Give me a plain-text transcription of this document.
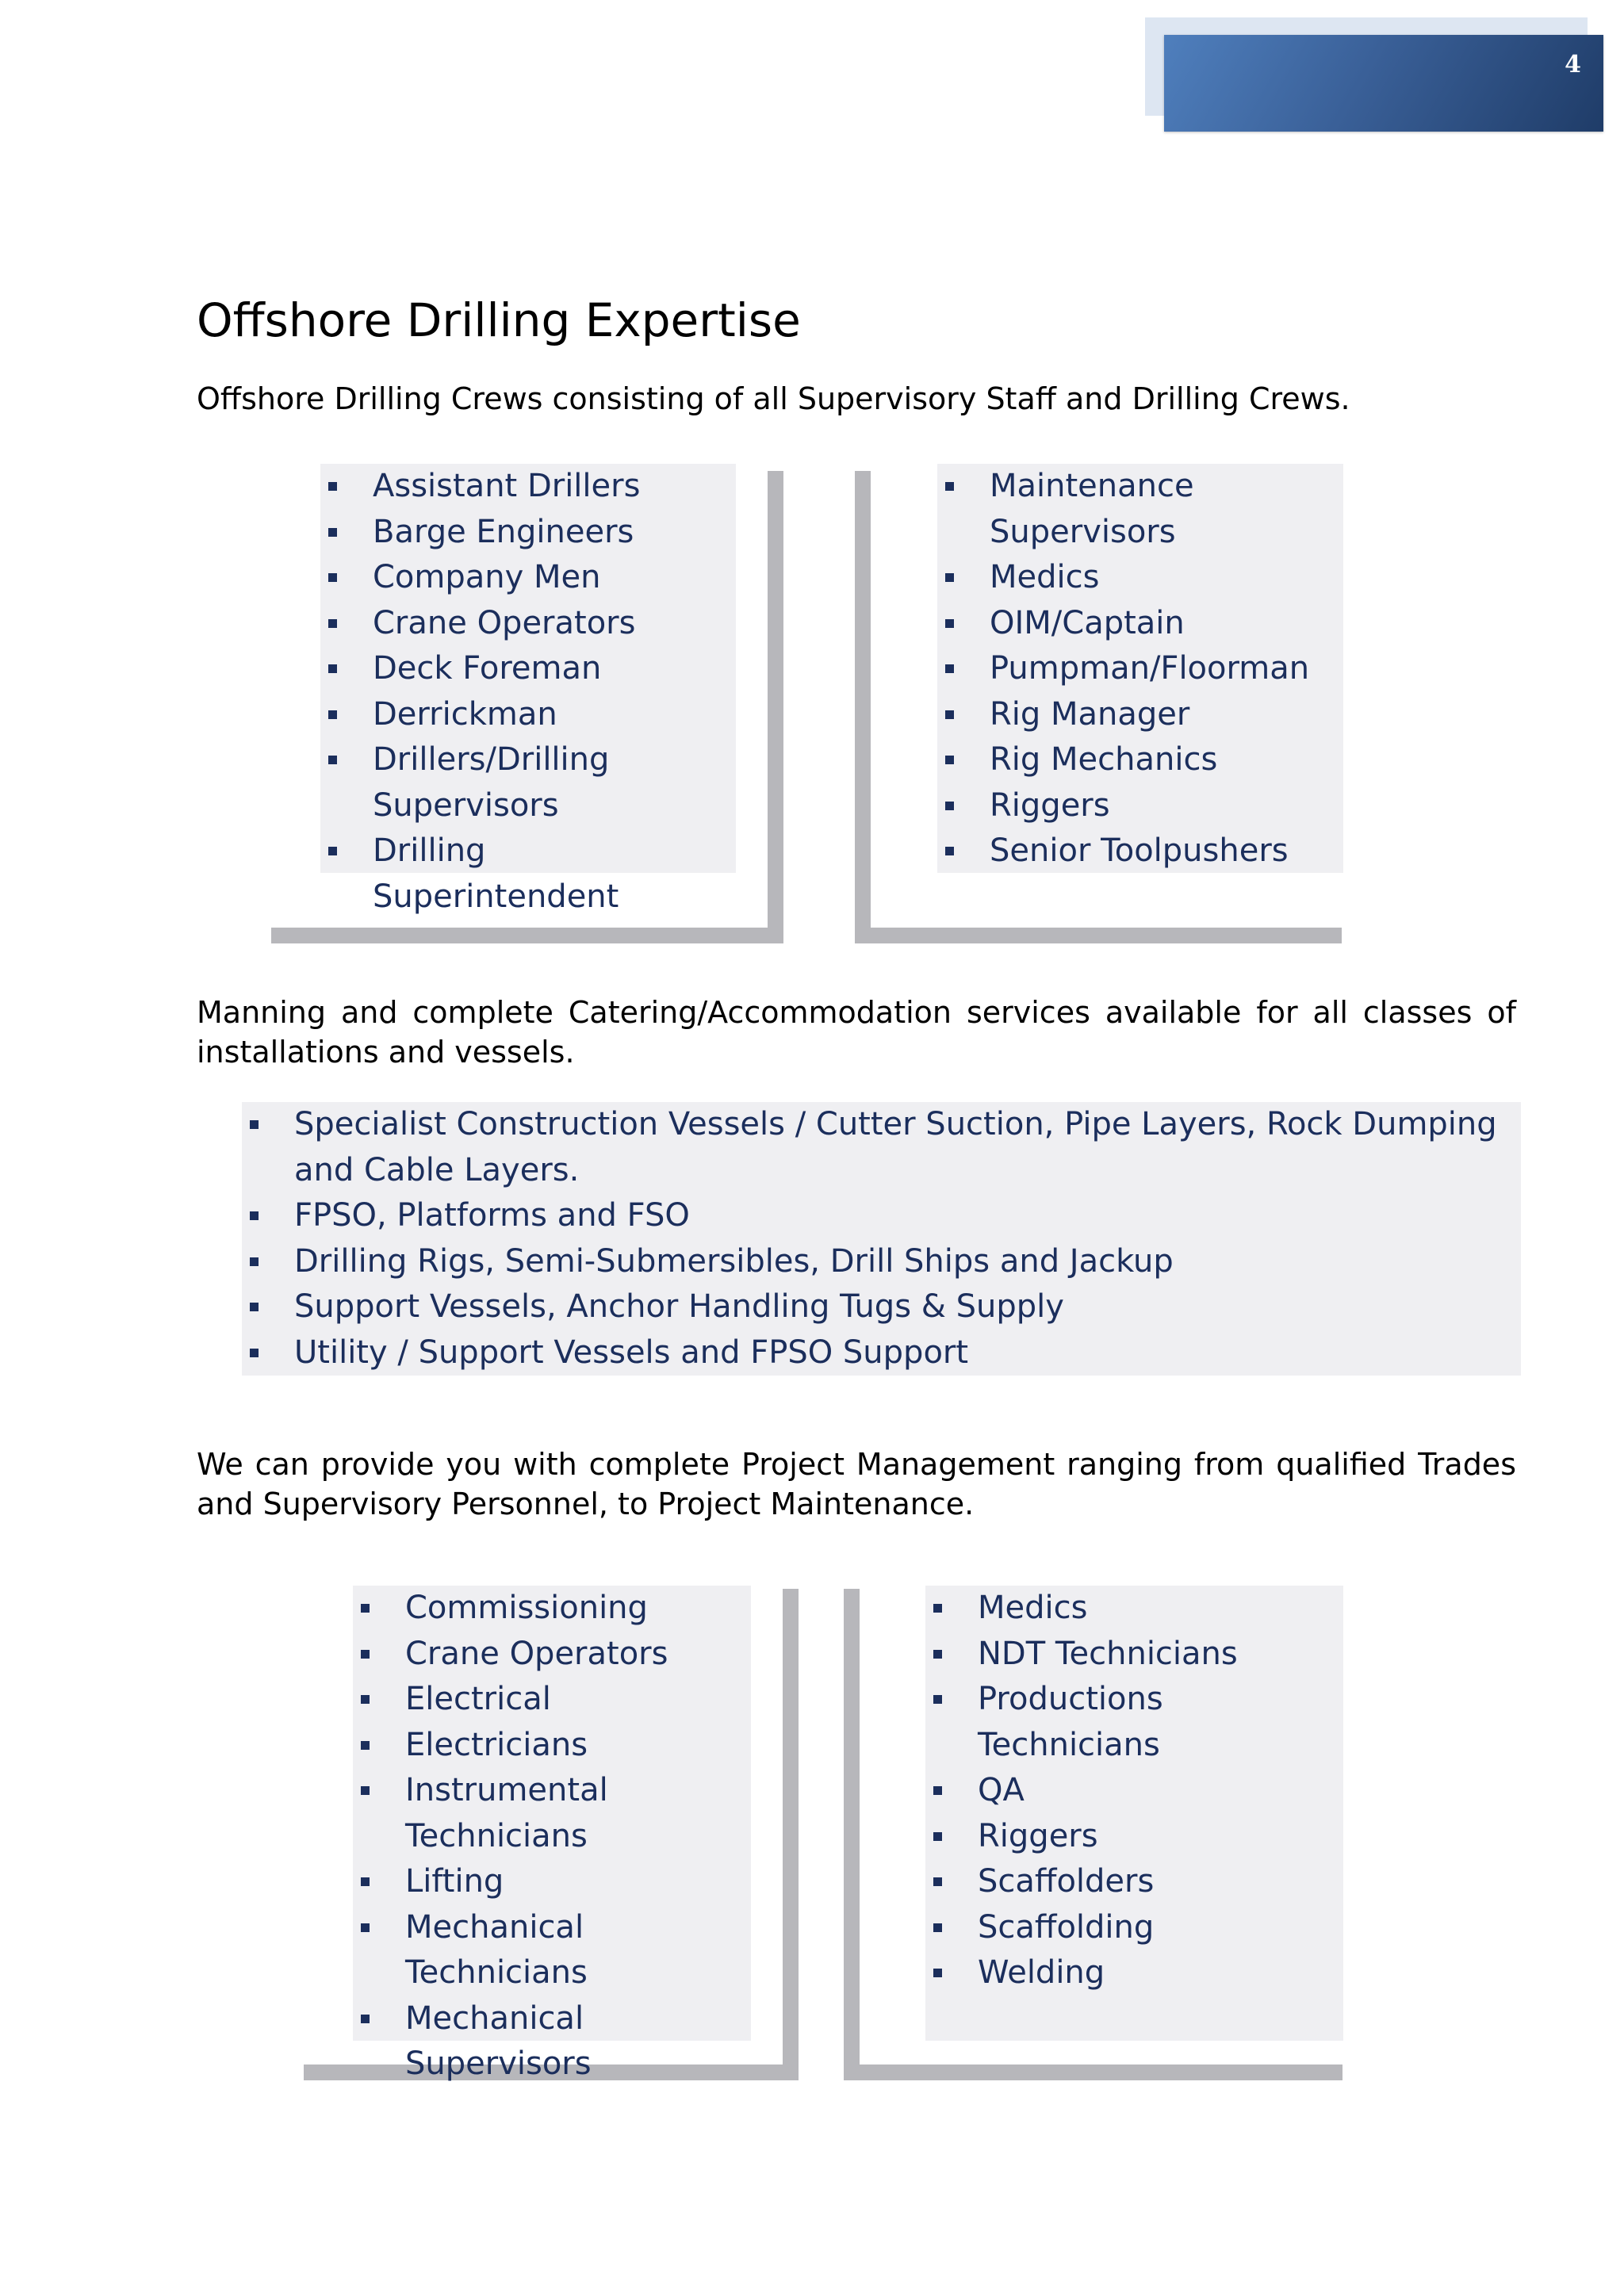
4
Offshore Drilling Expertise

Offshore Drilling Crews consisting of all Supervisory Staff and Drilling Crews.

Assistant Drillers
Barge Engineers
Company Men
Crane Operators
Deck Foreman
Derrickman
Drillers/Drilling Supervisors
Drilling Superintendent
Maintenance Supervisors
Medics
OIM/Captain
Pumpman/Floorman
Rig Manager
Rig Mechanics
Riggers
Senior Toolpushers

Manning and complete Catering/Accommodation services available for all classes of installations and vessels.

Specialist Construction Vessels / Cutter Suction, Pipe Layers, Rock Dumping and Cable Layers.
FPSO, Platforms and FSO
Drilling Rigs, Semi-Submersibles, Drill Ships and Jackup
Support Vessels, Anchor Handling Tugs & Supply
Utility / Support Vessels and FPSO Support

We can provide you with complete Project Management ranging from qualified Trades and Supervisory Personnel, to Project Maintenance.

Commissioning
Crane Operators
Electrical
Electricians
Instrumental Technicians
Lifting
Mechanical Technicians
Mechanical Supervisors
Medics
NDT Technicians
Productions Technicians
QA
Riggers
Scaffolders
Scaffolding
Welding
